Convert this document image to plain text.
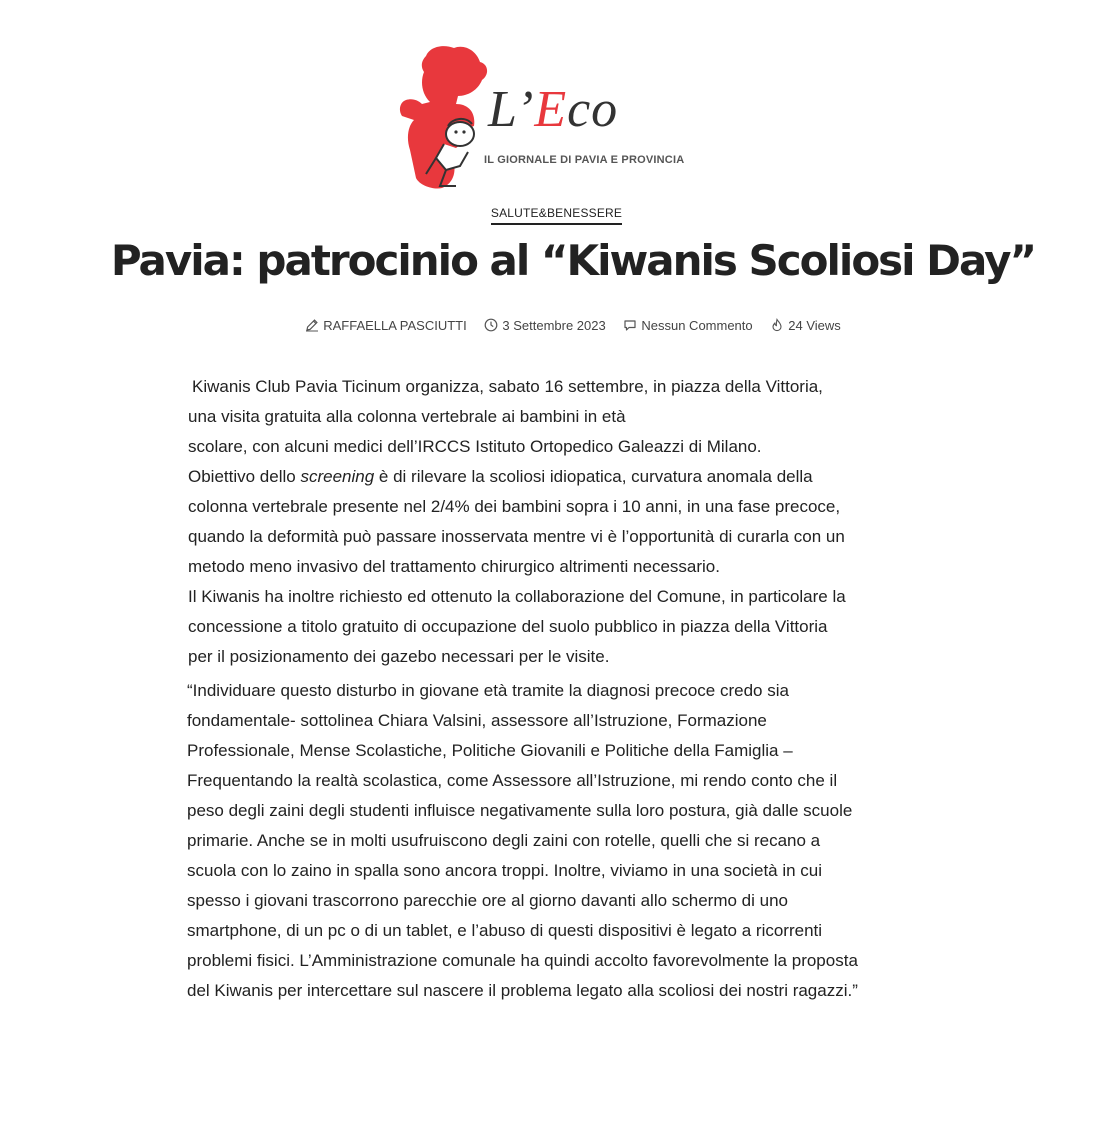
L’Eco
IL GIORNALE DI PAVIA E PROVINCIA
SALUTE&BENESSERE
Pavia: patrocinio al “Kiwanis Scoliosi Day”
RAFFAELLA PASCIUTTI	3 Settembre 2023	Nessun Commento	24 Views
Kiwanis Club Pavia Ticinum organizza, sabato 16 settembre, in piazza della Vittoria,
una visita gratuita alla colonna vertebrale ai bambini in età
scolare, con alcuni medici dell’IRCCS Istituto Ortopedico Galeazzi di Milano.
Obiettivo dello screening è di rilevare la scoliosi idiopatica, curvatura anomala della
colonna vertebrale presente nel 2/4% dei bambini sopra i 10 anni, in una fase precoce,
quando la deformità può passare inosservata mentre vi è l’opportunità di curarla con un
metodo meno invasivo del trattamento chirurgico altrimenti necessario.
Il Kiwanis ha inoltre richiesto ed ottenuto la collaborazione del Comune, in particolare la
concessione a titolo gratuito di occupazione del suolo pubblico in piazza della Vittoria
per il posizionamento dei gazebo necessari per le visite.
“Individuare questo disturbo in giovane età tramite la diagnosi precoce credo sia
fondamentale- sottolinea Chiara Valsini, assessore all’Istruzione, Formazione
Professionale, Mense Scolastiche, Politiche Giovanili e Politiche della Famiglia –
Frequentando la realtà scolastica, come Assessore all’Istruzione, mi rendo conto che il
peso degli zaini degli studenti influisce negativamente sulla loro postura, già dalle scuole
primarie. Anche se in molti usufruiscono degli zaini con rotelle, quelli che si recano a
scuola con lo zaino in spalla sono ancora troppi. Inoltre, viviamo in una società in cui
spesso i giovani trascorrono parecchie ore al giorno davanti allo schermo di uno
smartphone, di un pc o di un tablet, e l’abuso di questi dispositivi è legato a ricorrenti
problemi fisici. L’Amministrazione comunale ha quindi accolto favorevolmente la proposta
del Kiwanis per intercettare sul nascere il problema legato alla scoliosi dei nostri ragazzi.”
